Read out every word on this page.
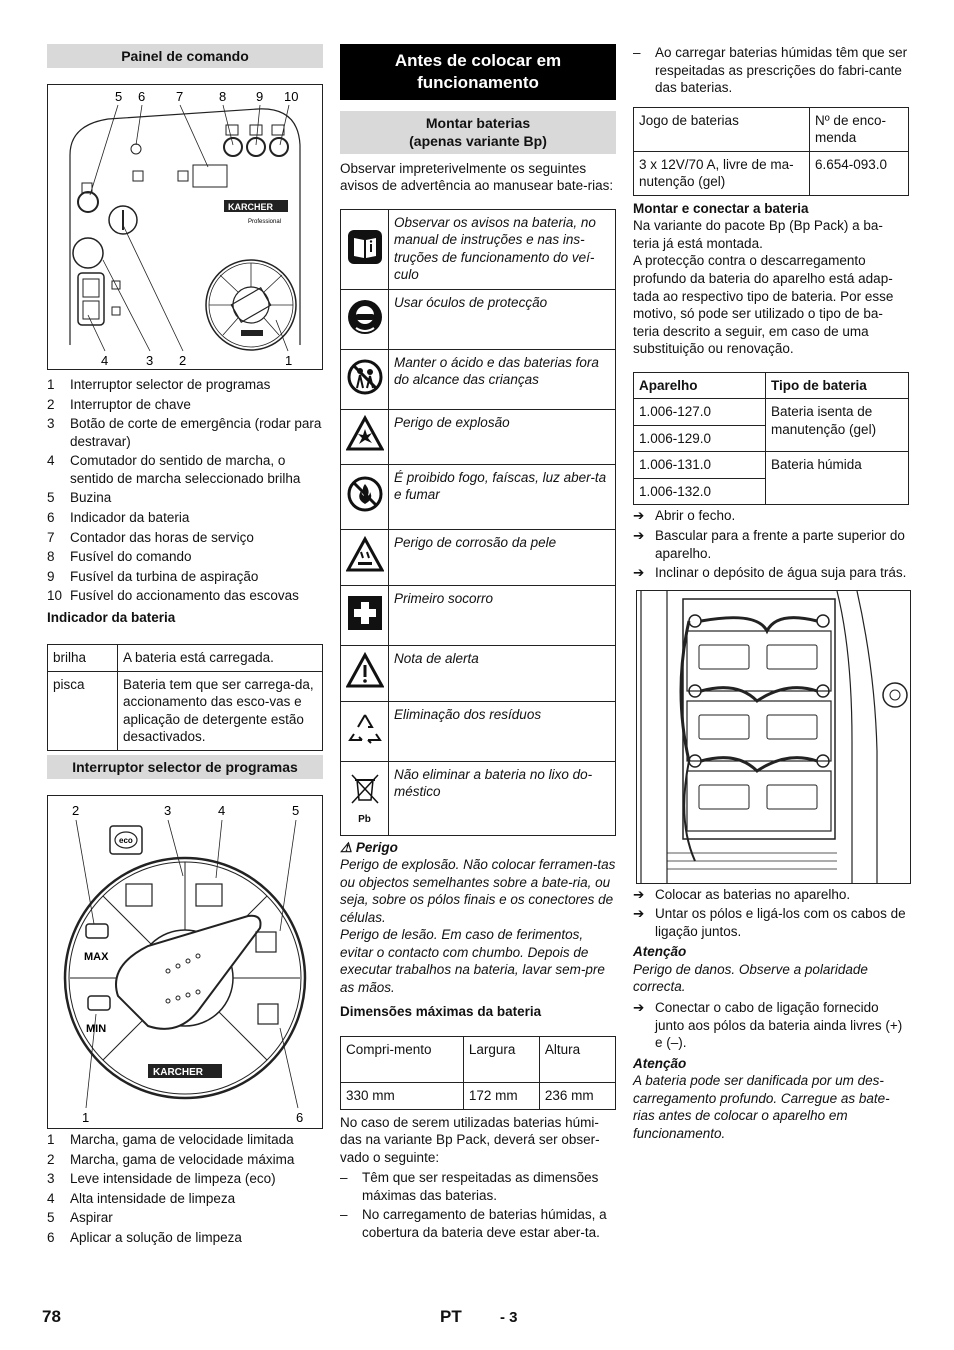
Painel de comando
5 6 7	8 9 10
4	3 2	1
KARCHER
Professional
1	Interruptor selector de programas
2	Interruptor de chave
3	Botão de corte de emergência (rodar para destravar)
4	Comutador do sentido de marcha, o sentido de marcha seleccionado brilha
5	Buzina
6	Indicador da bateria
7	Contador das horas de serviço
8	Fusível do comando
9	Fusível da turbina de aspiração
10 Fusível do accionamento das escovas
Indicador da bateria
brilha	A bateria está carregada.
pisca	Bateria tem que ser carrega-da, accionamento das esco-vas e aplicação de detergente estão desactivados.
Interruptor selector de programas
2	3	4	5
1	6
eco
MAX
MIN
KARCHER
1	Marcha, gama de velocidade limitada
2	Marcha, gama de velocidade máxima
3	Leve intensidade de limpeza (eco)
4	Alta intensidade de limpeza
5	Aspirar
6	Aplicar a solução de limpeza
Antes de colocar em funcionamento
Montar baterias
(apenas variante Bp)

Observar impreterivelmente os seguintes avisos de advertência ao manusear bate-rias:

	Observar os avisos na bateria, no manual de instruções e nas ins-truções de funcionamento do veí-culo
	Usar óculos de protecção
	Manter o ácido e das baterias fora do alcance das crianças
	Perigo de explosão
	É proibido fogo, faíscas, luz aber-ta e fumar
	Perigo de corrosão da pele
	Primeiro socorro
	Nota de alerta
	Eliminação dos resíduos

Pb	Não eliminar a bateria no lixo do-méstico
⚠ Perigo

Perigo de explosão. Não colocar ferramen-tas ou objectos semelhantes sobre a bate-ria, ou seja, sobre os pólos finais e os conectores de células.

Perigo de lesão. Em caso de ferimentos, evitar o contacto com chumbo. Depois de executar trabalhos na bateria, lavar sem-pre as mãos.

Dimensões máximas da bateria
Compri-mento	Largura	Altura
330 mm	172 mm	236 mm

No caso de serem utilizadas baterias húmi-das na variante Bp Pack, deverá ser obser-vado o seguinte:

–	Têm que ser respeitadas as dimensões máximas das baterias.
–	No carregamento de baterias húmidas, a cobertura da bateria deve estar aber-ta.
–	Ao carregar baterias húmidas têm que ser respeitadas as prescrições do fabri-cante das baterias.
Jogo de baterias	Nº de enco-menda
3 x 12V/70 A, livre de ma-nutenção (gel)	6.654-093.0
Montar e conectar a bateria

Na variante do pacote Bp (Bp Pack) a ba-teria já está montada.

A protecção contra o descarregamento profundo da bateria do aparelho está adap-tada ao respectivo tipo de bateria. Por esse motivo, só pode ser utilizado o tipo de ba-teria descrito a seguir, em caso de uma substituição ou renovação.

Aparelho	Tipo de bateria
1.006-127.0	Bateria isenta de manutenção (gel)
1.006-129.0	
1.006-131.0	Bateria húmida
1.006-132.0	
➔ Abrir o fecho.
➔ Bascular para a frente a parte superior do aparelho.
➔ Inclinar o depósito de água suja para trás.
➔ Colocar as baterias no aparelho.
➔ Untar os pólos e ligá-los com os cabos de ligação juntos.
Atenção

Perigo de danos. Observe a polaridade correcta.

➔ Conectar o cabo de ligação fornecido junto aos pólos da bateria ainda livres (+) e (–).
Atenção

A bateria pode ser danificada por um des-carregamento profundo. Carregue as bate-rias antes de colocar o aparelho em funcionamento.

78	PT	- 3
